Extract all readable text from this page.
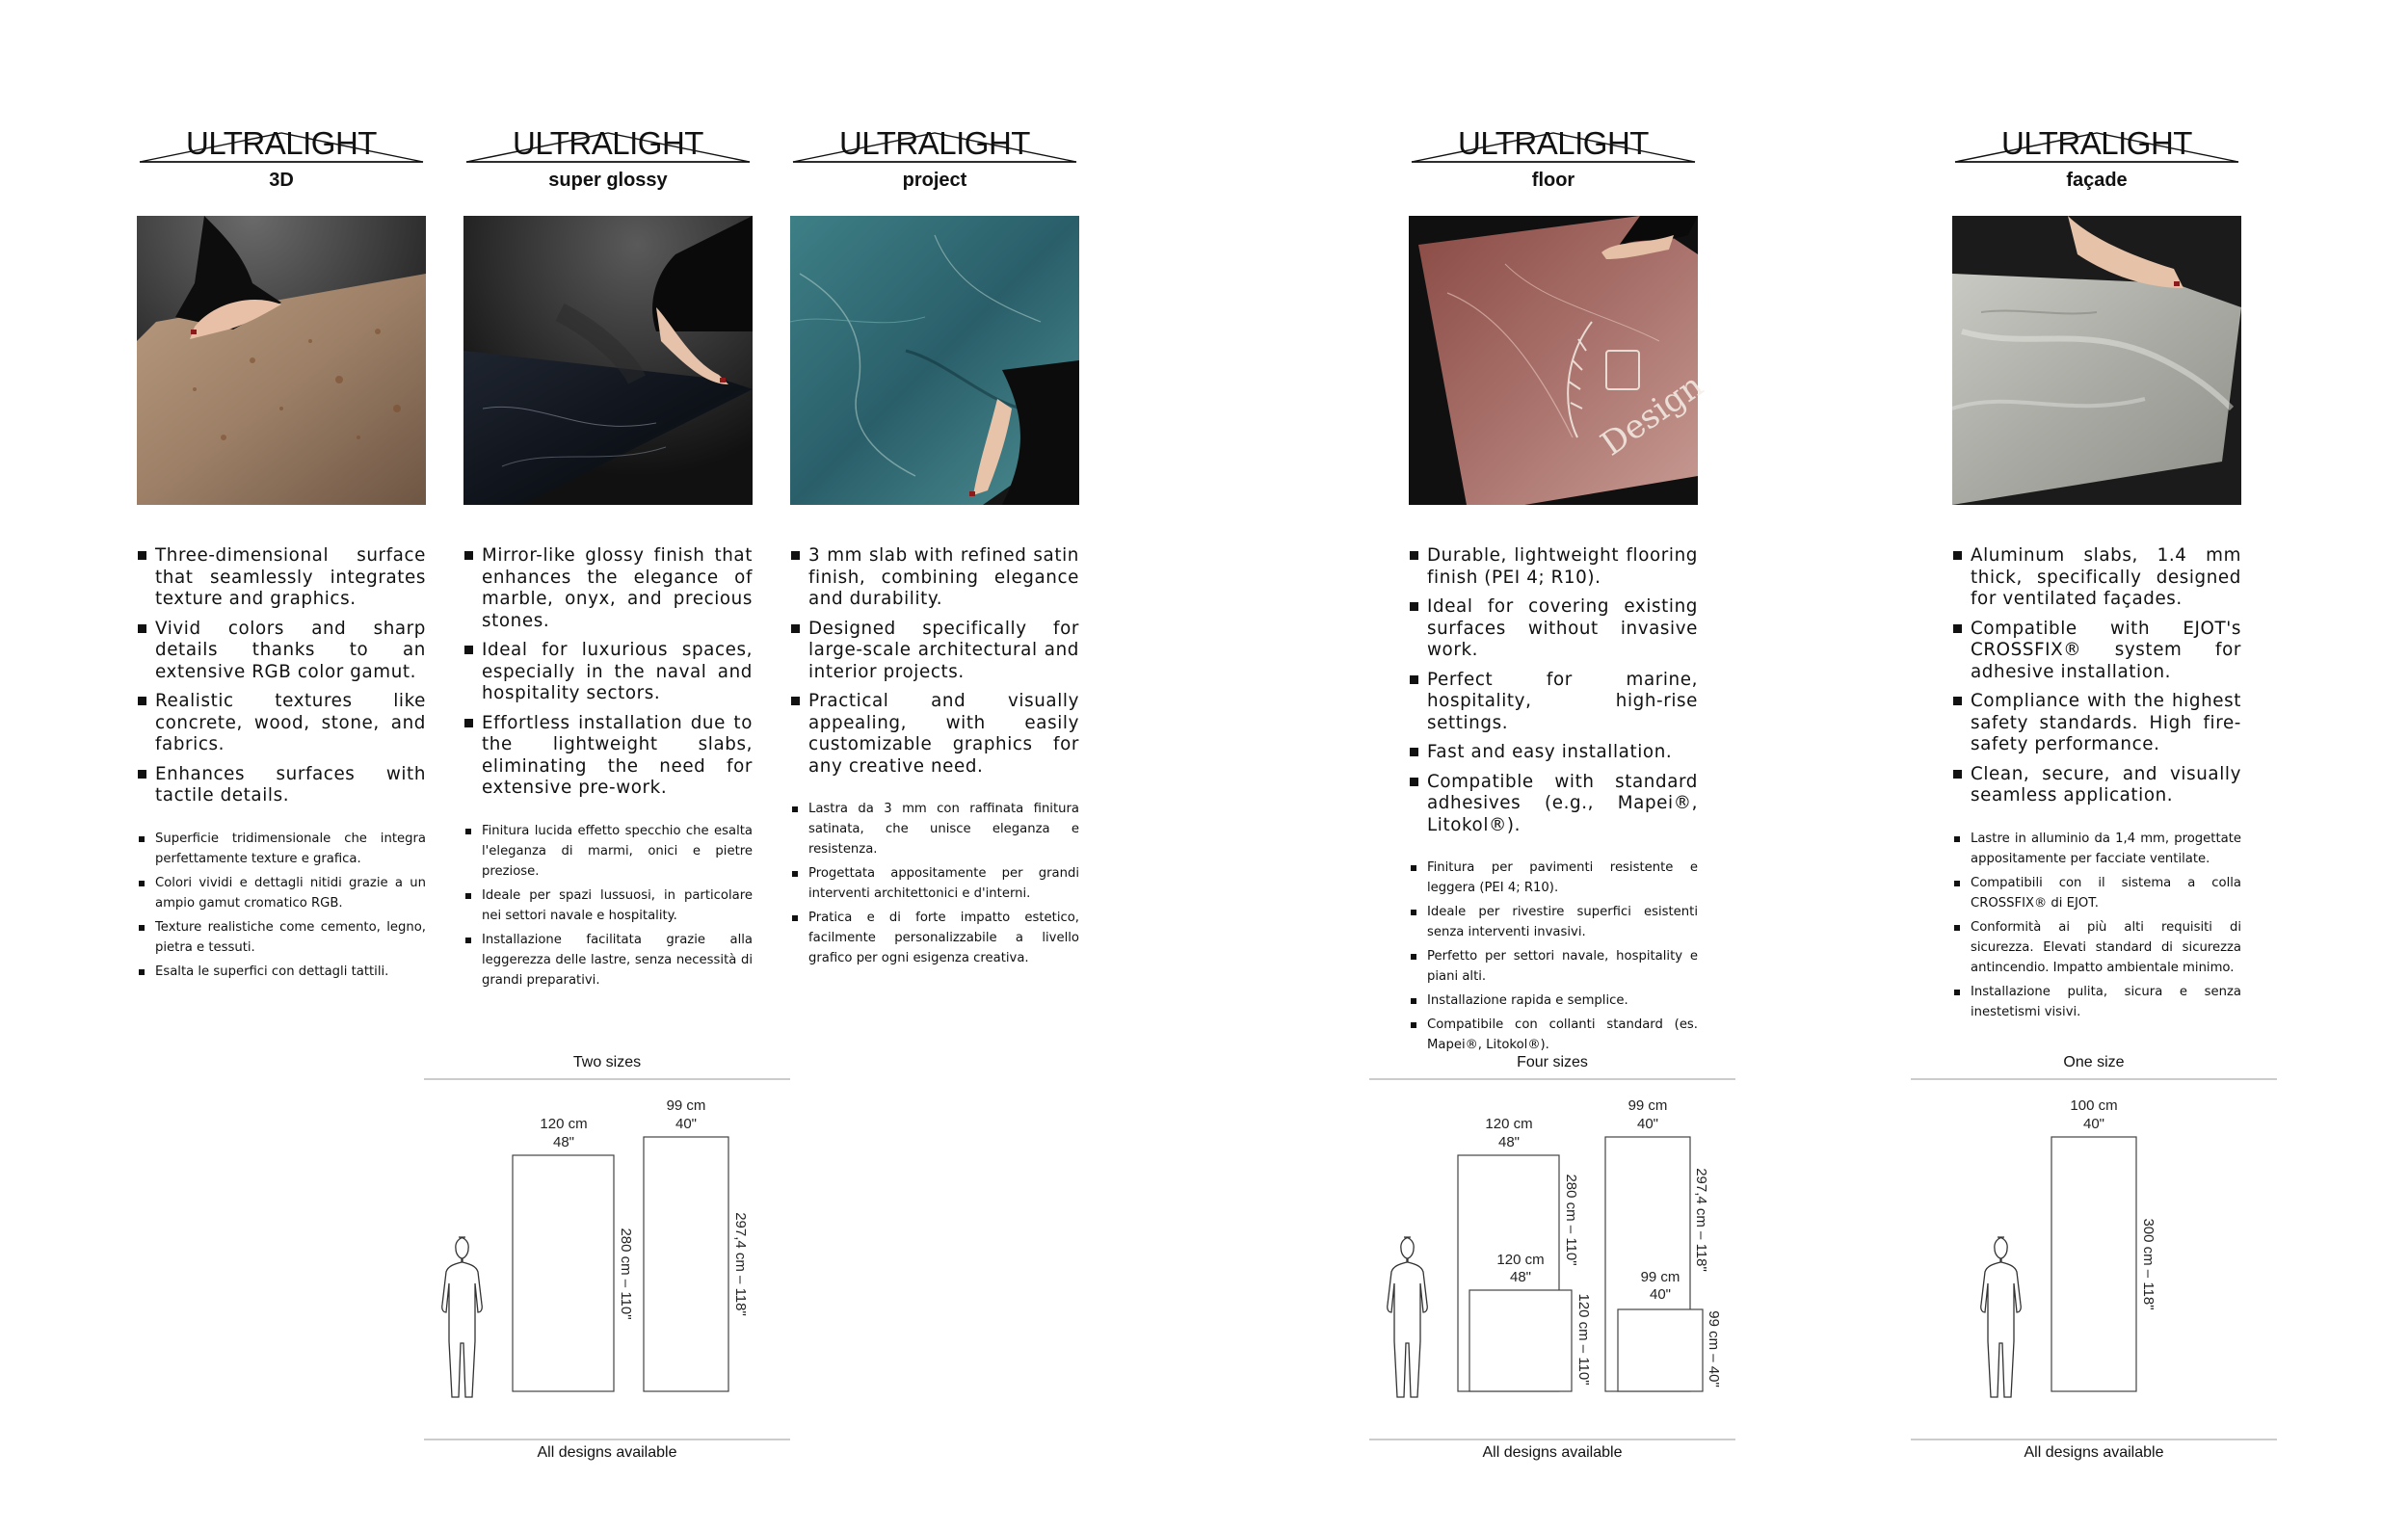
ULTRALIGHT
3D
Three-dimensional surface that seamlessly integrates texture and graphics.
Vivid colors and sharp details thanks to an extensive RGB color gamut.
Realistic textures like concrete, wood, stone, and fabrics.
Enhances surfaces with tactile details.
Superficie tridimensionale che integra perfettamente texture e grafica.
Colori vividi e dettagli nitidi grazie a un ampio gamut cromatico RGB.
Texture realistiche come cemento, legno, pietra e tessuti.
Esalta le superfici con dettagli tattili.
ULTRALIGHT
super glossy
Mirror-like glossy finish that enhances the elegance of marble, onyx, and precious stones.
Ideal for luxurious spaces, especially in the naval and hospitality sectors.
Effortless installation due to the lightweight slabs, eliminating the need for extensive pre-work.
Finitura lucida effetto specchio che esalta l'eleganza di marmi, onici e pietre preziose.
Ideale per spazi lussuosi, in particolare nei settori navale e hospitality.
Installazione facilitata grazie alla leggerezza delle lastre, senza necessità di grandi preparativi.
ULTRALIGHT
project
3 mm slab with refined satin finish, combining elegance and durability.
Designed specifically for large-scale architectural and interior projects.
Practical and visually appealing, with easily customizable graphics for any creative need.
Lastra da 3 mm con raffinata finitura satinata, che unisce eleganza e resistenza.
Progettata appositamente per grandi interventi architettonici e d'interni.
Pratica e di forte impatto estetico, facilmente personalizzabile a livello grafico per ogni esigenza creativa.
ULTRALIGHT
floor
Design
Durable, lightweight flooring finish (PEI 4; R10).
Ideal for covering existing surfaces without invasive work.
Perfect for marine, hospitality, high-rise settings.
Fast and easy installation.
Compatible with standard adhesives (e.g., Mapei®, Litokol®).
Finitura per pavimenti resistente e leggera (PEI 4; R10).
Ideale per rivestire superfici esistenti senza interventi invasivi.
Perfetto per settori navale, hospitality e piani alti.
Installazione rapida e semplice.
Compatibile con collanti standard (es. Mapei®, Litokol®).
ULTRALIGHT
façade
Aluminum slabs, 1.4 mm thick, specifically designed for ventilated façades.
Compatible with EJOT's CROSSFIX® system for adhesive installation.
Compliance with the highest safety standards. High fire-safety performance.
Clean, secure, and visually seamless application.
Lastre in alluminio da 1,4 mm, progettate appositamente per facciate ventilate.
Compatibili con il sistema a colla CROSSFIX® di EJOT.
Conformità ai più alti requisiti di sicurezza. Elevati standard di sicurezza antincendio. Impatto ambientale minimo.
Installazione pulita, sicura e senza inestetismi visivi.
Two sizes
120 cm
48"
99 cm
40"
280 cm – 110"	297,4 cm – 118"
All designs available
Four sizes
120 cm
48"
120 cm
48"
99 cm
40"
99 cm
40"
280 cm – 110"
120 cm – 110"
297,4 cm – 118"
99 cm – 40"
All designs available
One size
100 cm
40"
300 cm – 118"
All designs available
